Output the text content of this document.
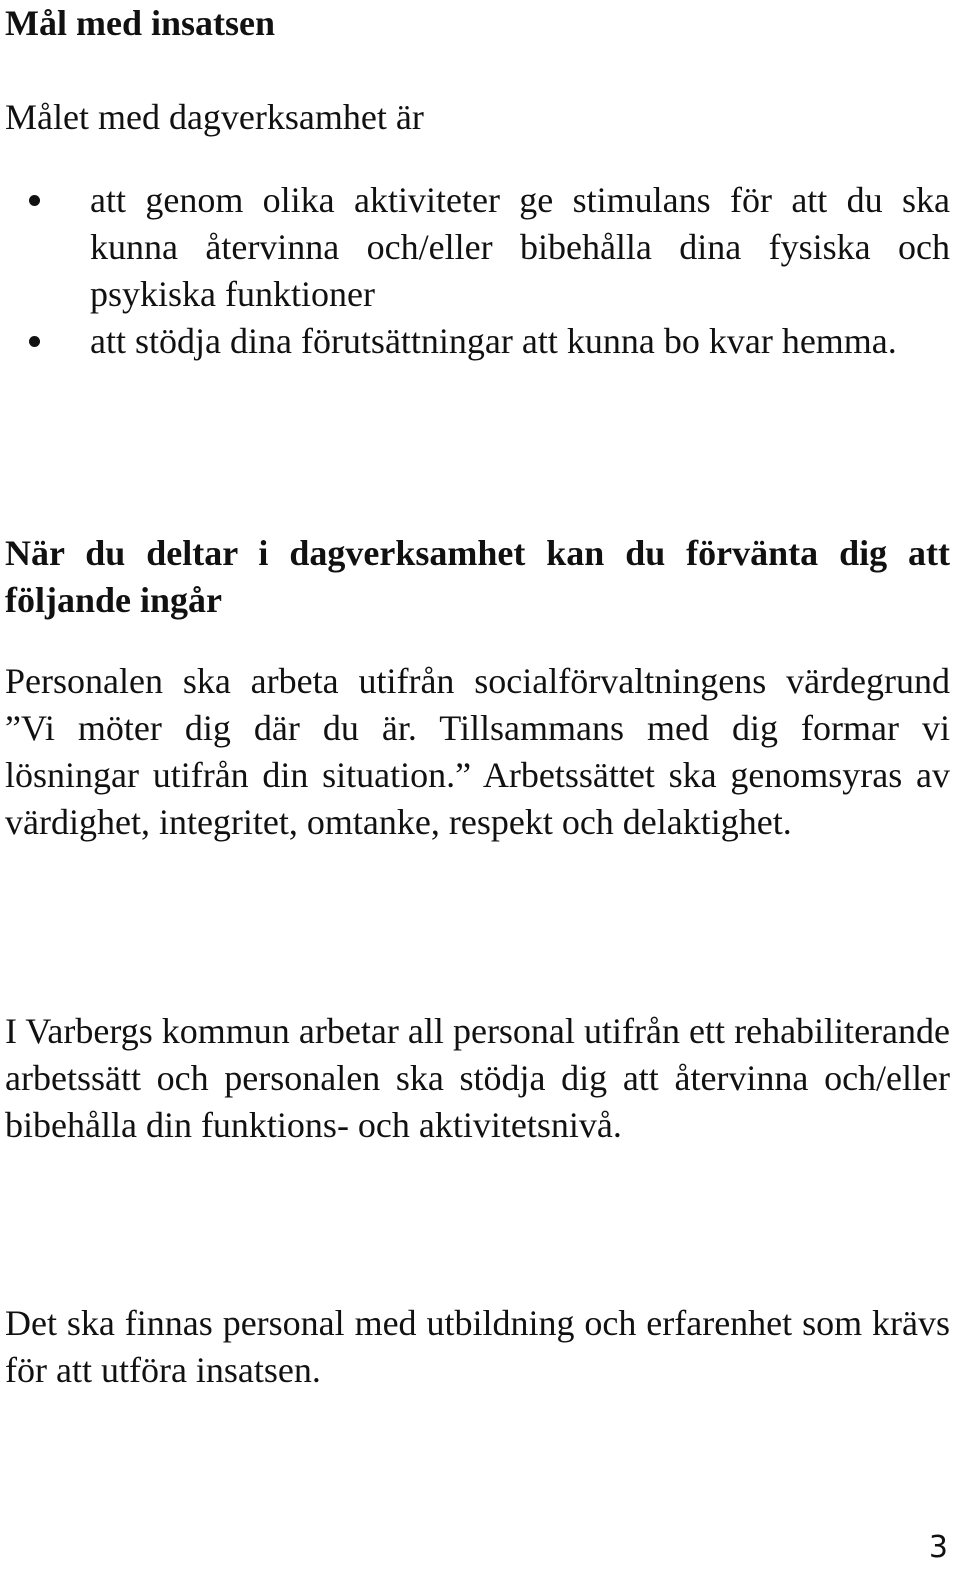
Mål med insatsen

Målet med dagverksamhet är

att genom olika aktiviteter ge stimulans för att du ska kunna återvinna och/eller bibehålla dina fysiska och psykiska funktioner
att stödja dina förutsättningar att kunna bo kvar hemma.
När du deltar i dagverksamhet kan du förvänta dig att följande ingår

Personalen ska arbeta utifrån socialförvaltningens värdegrund ”Vi möter dig där du är. Tillsammans med dig formar vi lösningar utifrån din situation.” Arbetssättet ska genomsyras av värdighet, integritet, omtanke, respekt och delaktighet.

I Varbergs kommun arbetar all personal utifrån ett rehabiliterande arbetssätt och personalen ska stödja dig att återvinna och/eller bibehålla din funktions- och aktivitetsnivå.

Det ska finnas personal med utbildning och erfarenhet som krävs för att utföra insatsen.

3
